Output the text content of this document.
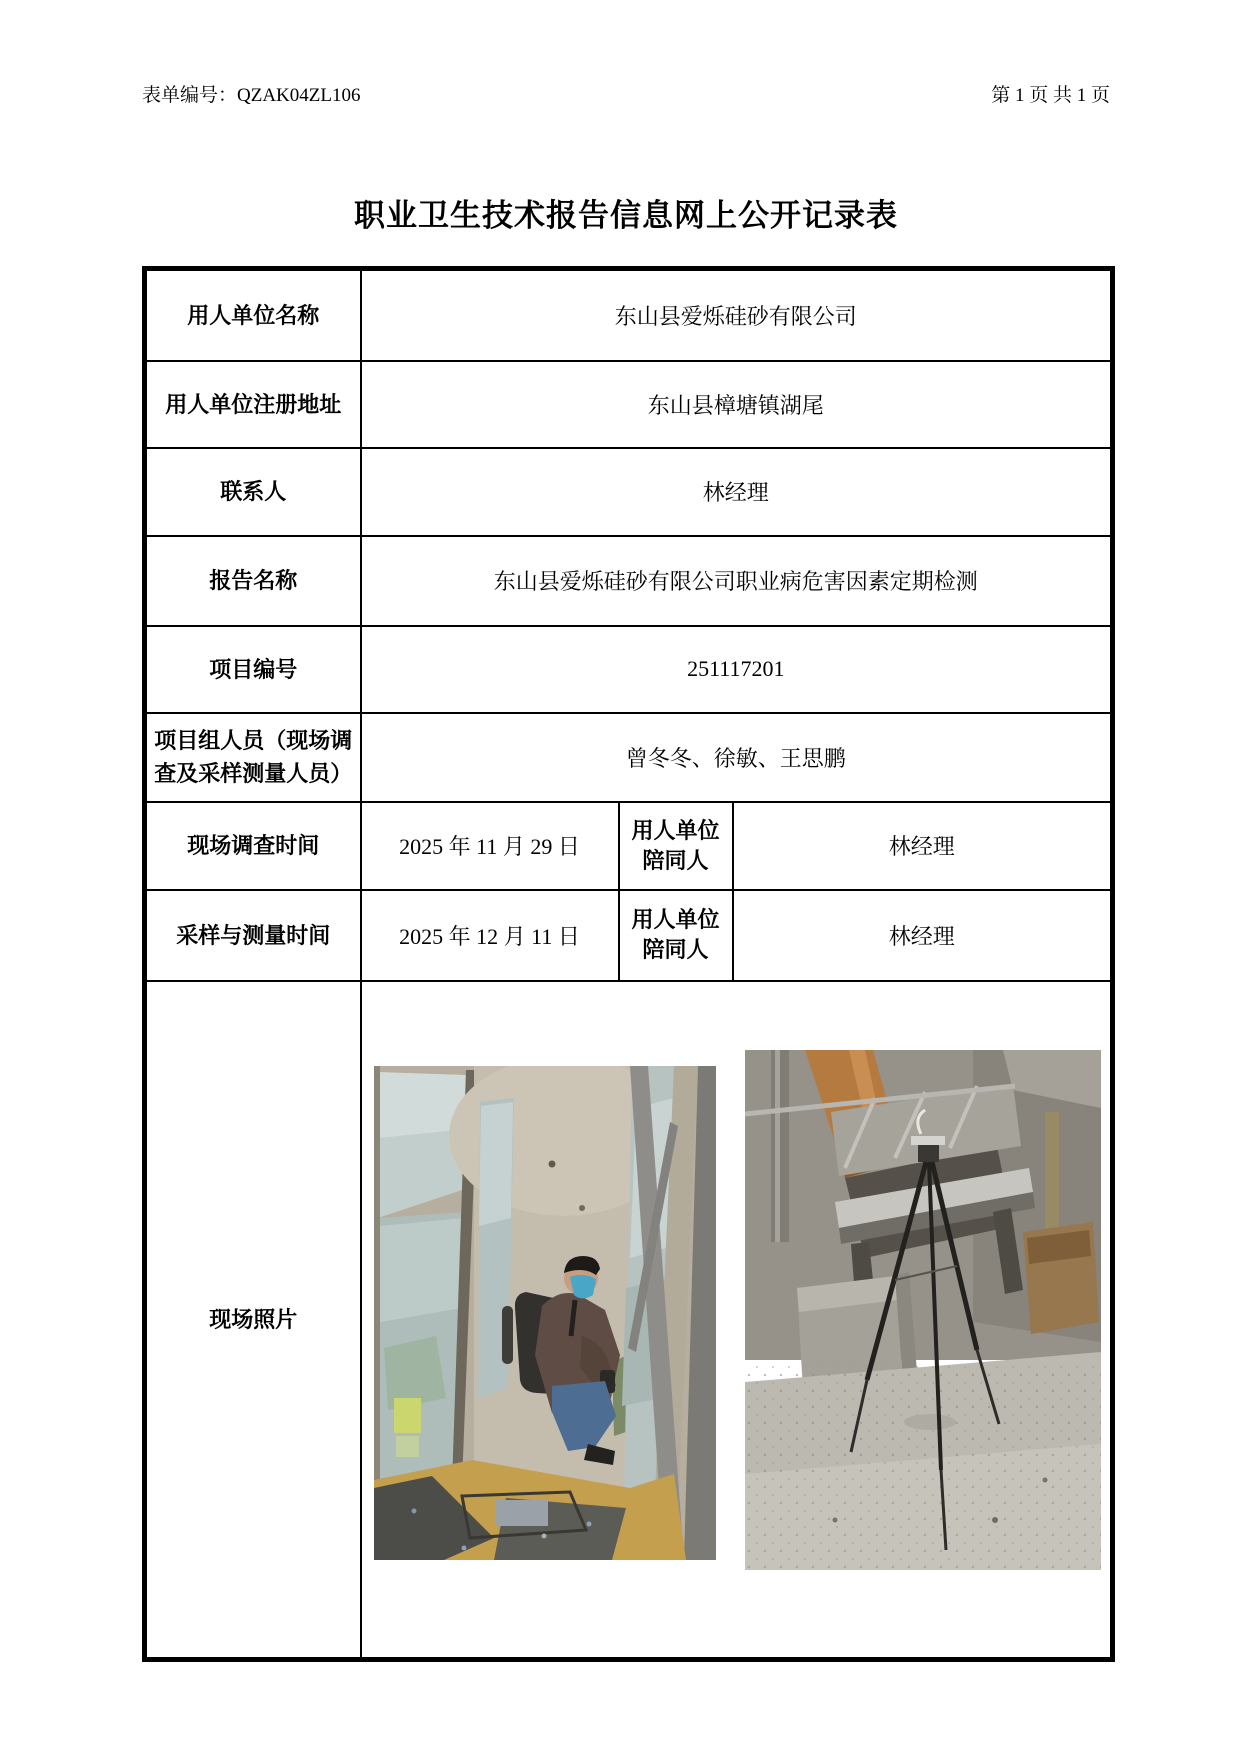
表单编号：QZAK04ZL106	第 1 页 共 1 页
职业卫生技术报告信息网上公开记录表
用人单位名称	东山县爱烁硅砂有限公司		
用人单位注册地址	东山县樟塘镇湖尾		
联系人	林经理		
报告名称	东山县爱烁硅砂有限公司职业病危害因素定期检测		
项目编号	251117201		
项目组人员（现场调查及采样测量人员）	曾冬冬、徐敏、王思鹏		
现场调查时间	2025 年 11 月 29 日	用人单位陪同人	林经理
采样与测量时间	2025 年 12 月 11 日	用人单位陪同人	林经理
现场照片	
